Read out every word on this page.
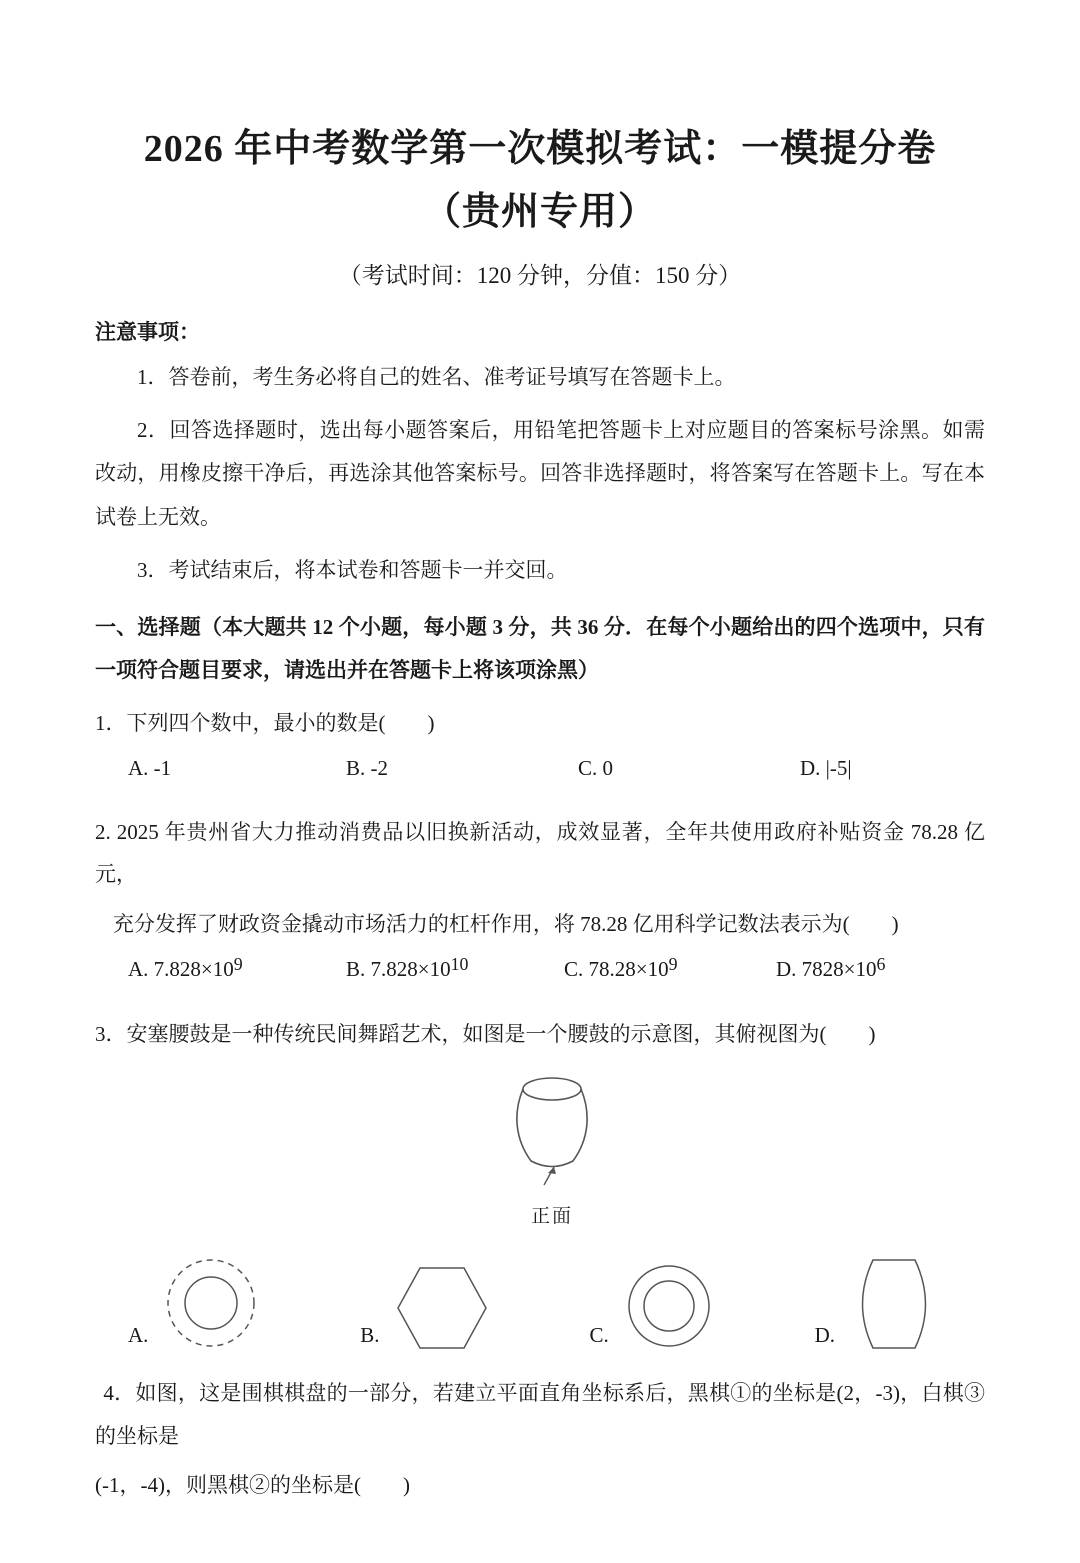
2026 年中考数学第一次模拟考试：一模提分卷（贵州专用）
（考试时间：120 分钟，分值：150 分）
注意事项：

1．答卷前，考生务必将自己的姓名、准考证号填写在答题卡上。

2．回答选择题时，选出每小题答案后，用铅笔把答题卡上对应题目的答案标号涂黑。如需改动，用橡皮擦干净后，再选涂其他答案标号。回答非选择题时，将答案写在答题卡上。写在本试卷上无效。

3．考试结束后，将本试卷和答题卡一并交回。

一、选择题（本大题共 12 个小题，每小题 3 分，共 36 分．在每个小题给出的四个选项中，只有一项符合题目要求，请选出并在答题卡上将该项涂黑）

1．下列四个数中，最小的数是(　　)

A. -1	B. -2	C. 0	D. |-5|

2. 2025 年贵州省大力推动消费品以旧换新活动，成效显著，全年共使用政府补贴资金 78.28 亿元，

充分发挥了财政资金撬动市场活力的杠杆作用，将 78.28 亿用科学记数法表示为(　　)

A. $7.828\times 10^9$	B. $7.828\times 10^{10}$	C. $78.28\times 10^9$	D. $7828\times 10^6$

3．安塞腰鼓是一种传统民间舞蹈艺术，如图是一个腰鼓的示意图，其俯视图为(　　)

正面
A.	B.	C.	D.

4．如图，这是围棋棋盘的一部分，若建立平面直角坐标系后，黑棋①的坐标是(2，-3)，白棋③的坐标是

(-1，-4)，则黑棋②的坐标是(　　)
